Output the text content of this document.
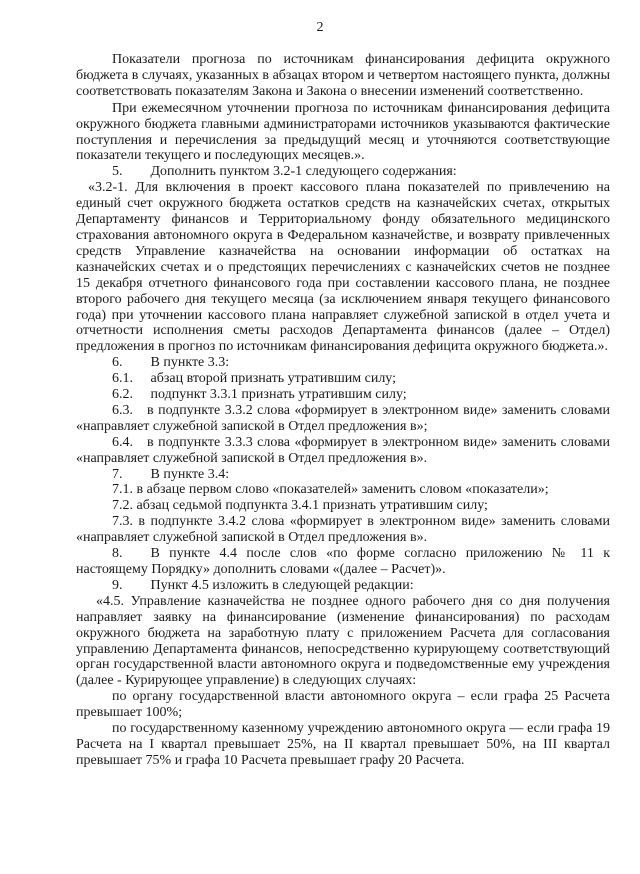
2

Показатели прогноза по источникам финансирования дефицита окружного бюджета в случаях, указанных в абзацах втором и четвертом настоящего пункта, должны соответствовать показателям Закона и Закона о внесении изменений соответственно.

При ежемесячном уточнении прогноза по источникам финансирования дефицита окружного бюджета главными администраторами источников указываются фактические поступления и перечисления за предыдущий месяц и уточняются соответствующие показатели текущего и последующих месяцев.».

5.  Дополнить пунктом 3.2-1 следующего содержания:

«3.2-1. Для включения в проект кассового плана показателей по привлечению на единый счет окружного бюджета остатков средств на казначейских счетах, открытых Департаменту финансов и Территориальному фонду обязательного медицинского страхования автономного округа в Федеральном казначействе, и возврату привлеченных средств Управление казначейства на основании информации об остатках на казначейских счетах и о предстоящих перечислениях с казначейских счетов не позднее 15 декабря отчетного финансового года при составлении кассового плана, не позднее второго рабочего дня текущего месяца (за исключением января текущего финансового года) при уточнении кассового плана направляет служебной запиской в отдел учета и отчетности исполнения сметы расходов Департамента финансов (далее – Отдел) предложения в прогноз по источникам финансирования дефицита окружного бюджета.».

6.  В пункте 3.3:

6.1.  абзац второй признать утратившим силу;

6.2.  подпункт 3.3.1 признать утратившим силу;

6.3. в подпункте 3.3.2 слова «формирует в электронном виде» заменить словами «направляет служебной запиской в Отдел предложения в»;

6.4. в подпункте 3.3.3 слова «формирует в электронном виде» заменить словами «направляет служебной запиской в Отдел предложения в».

7.  В пункте 3.4:

7.1. в абзаце первом слово «показателей» заменить словом «показатели»;

7.2. абзац седьмой подпункта 3.4.1 признать утратившим силу;

7.3. в подпункте 3.4.2 слова «формирует в электронном виде» заменить словами «направляет служебной запиской в Отдел предложения в».

8.  В пункте 4.4 после слов «по форме согласно приложению № 11 к настоящему Порядку» дополнить словами «(далее – Расчет)».

9.  Пункт 4.5 изложить в следующей редакции:

«4.5. Управление казначейства не позднее одного рабочего дня со дня получения направляет заявку на финансирование (изменение финансирования) по расходам окружного бюджета на заработную плату с приложением Расчета для согласования управлению Департамента финансов, непосредственно курирующему соответствующий орган государственной власти автономного округа и подведомственные ему учреждения (далее - Курирующее управление) в следующих случаях:

по органу государственной власти автономного округа – если графа 25 Расчета превышает 100%;

по государственному казенному учреждению автономного округа — если графа 19 Расчета на I квартал превышает 25%, на II квартал превышает 50%, на III квартал превышает 75% и графа 10 Расчета превышает графу 20 Расчета.
